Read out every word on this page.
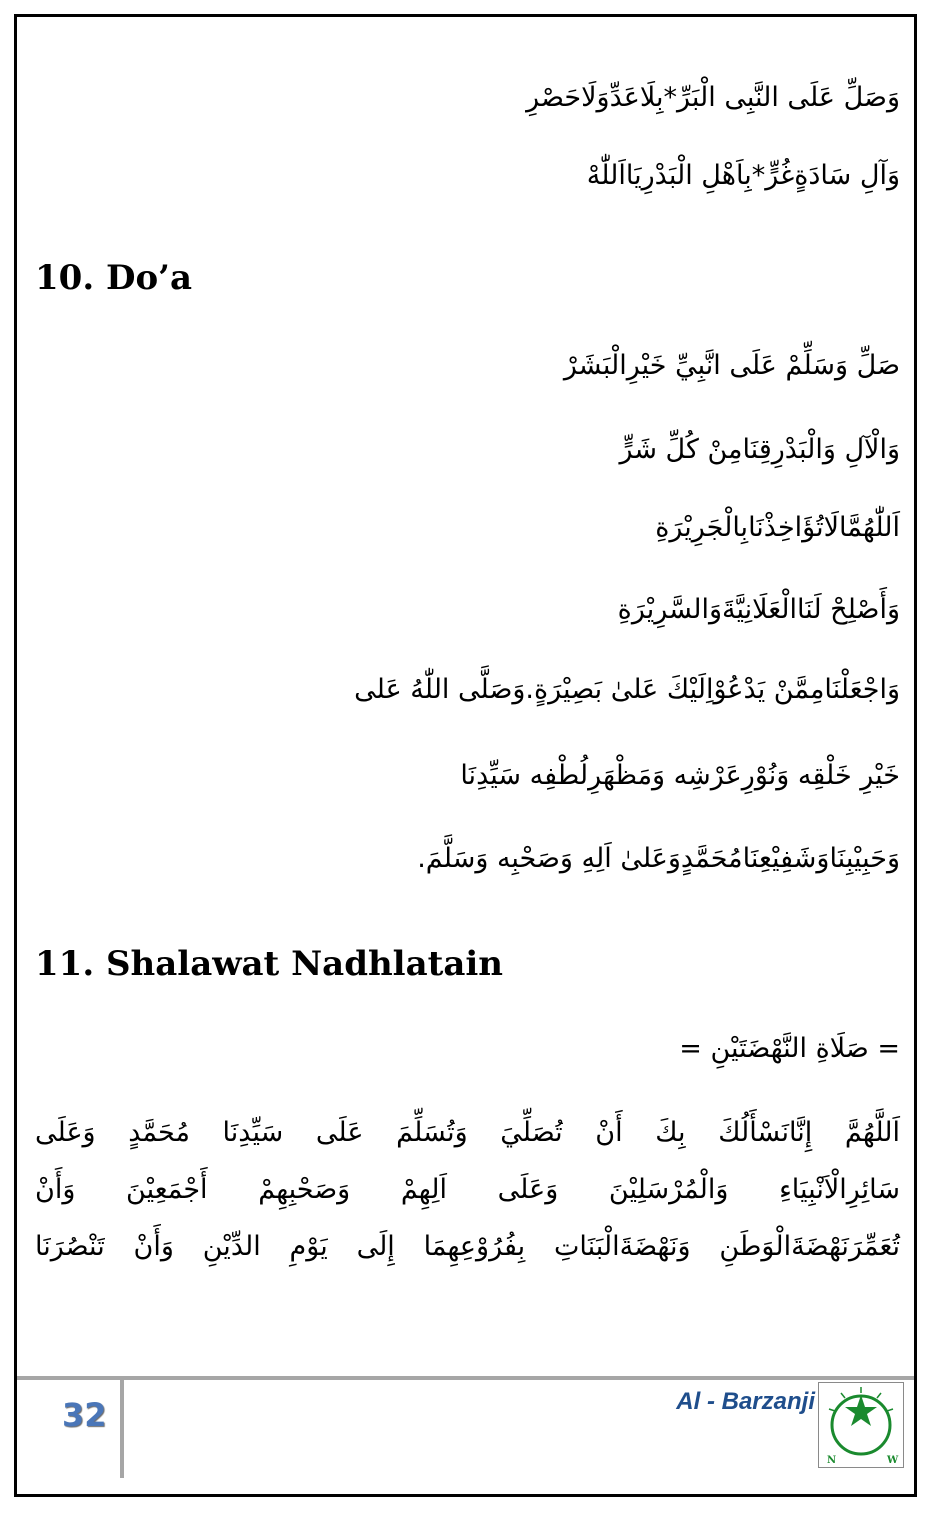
وَصَلِّ عَلَى النَّبِى الْبَرِّ*بِلَاعَدِّوَلَاحَصْرِ
وَآلِ سَادَةٍغُرٍّ*بِاَهْلِ الْبَدْرِيَااَللّٰهْ
10. Do’a
صَلِّ وَسَلِّمْ عَلَى انَّبِيِّ خَيْرِالْبَشَرْ
وَالْآلِ وَالْبَدْرِقِنَامِنْ كُلِّ شَرٍّ
اَللّٰهُمَّالَاتُؤَاخِذْنَابِالْجَرِيْرَةِ
وَأَصْلِحْ لَنَاالْعَلَانِيَّةَوَالسَّرِيْرَةِ
وَاجْعَلْنَامِمَّنْ يَدْعُوْاِلَيْكَ عَلىٰ بَصِيْرَةٍ.وَصَلَّى اللّٰهُ عَلى
خَيْرِ خَلْقِه وَنُوْرِعَرْشِه وَمَظْهَرِلُطْفِه سَيِّدِنَا
وَحَبِيْبِنَاوَشَفِيْعِنَامُحَمَّدٍوَعَلىٰ اَلِهِ وَصَحْبِه وَسَلَّمَ.
11. Shalawat Nadhlatain
= صَلَاةِ النَّهْضَتَيْنِ =
اَللَّهُمَّ إِنَّانَسْأَلُكَ بِكَ أَنْ تُصَلِّيَ وَتُسَلِّمَ عَلَى سَيِّدِنَا مُحَمَّدٍ وَعَلَى
سَائِرِالْاَنْبِيَاءِ وَالْمُرْسَلِيْنَ وَعَلَى اَلِهِمْ وَصَحْبِهِمْ أَجْمَعِيْنَ وَأَنْ
تُعَمِّرَنَهْضَةَالْوَطَنِ وَنَهْضَةَالْبَنَاتِ بِفُرُوْعِهِمَا إِلَى يَوْمِ الدِّيْنِ وَأَنْ تَنْصُرَنَا
32	Al - Barzanji
N	W
